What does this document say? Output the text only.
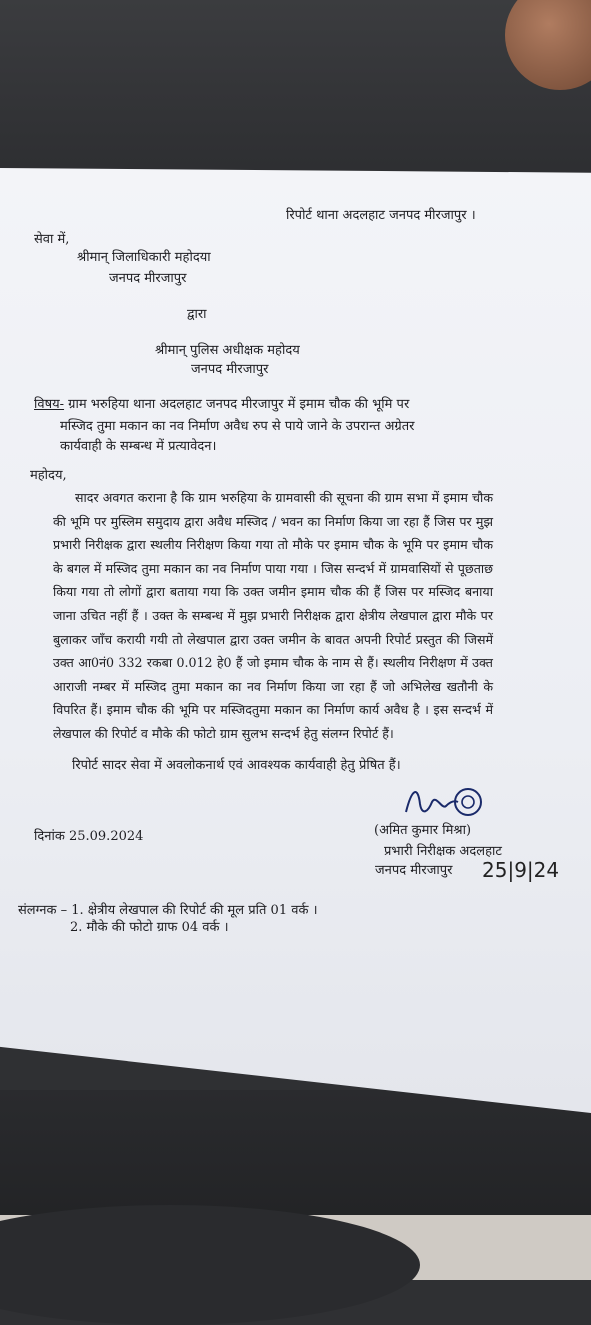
रिपोर्ट थाना अदलहाट जनपद मीरजापुर ।
सेवा में,
श्रीमान् जिलाधिकारी महोदया
जनपद मीरजापुर
द्वारा
श्रीमान् पुलिस अधीक्षक महोदय
जनपद मीरजापुर
विषय- ग्राम भरुहिया थाना अदलहाट जनपद मीरजापुर में इमाम चौक की भूमि पर
मस्जिद तुमा मकान का नव निर्माण अवैध रुप से पाये जाने के उपरान्त अग्रेतर
कार्यवाही के सम्बन्ध में प्रत्यावेदन।
महोदय,
सादर अवगत कराना है कि ग्राम भरुहिया के ग्रामवासी की सूचना की ग्राम सभा में इमाम चौक की भूमि पर मुस्लिम समुदाय द्वारा अवैध मस्जिद / भवन का निर्माण किया जा रहा हैं जिस पर मुझ प्रभारी निरीक्षक द्वारा स्थलीय निरीक्षण किया गया तो मौके पर इमाम चौक के भूमि पर इमाम चौक के बगल में मस्जिद तुमा मकान का नव निर्माण पाया गया । जिस सन्दर्भ में ग्रामवासियों से पूछताछ किया गया तो लोगों द्वारा बताया गया कि उक्त जमीन इमाम चौक की हैं जिस पर मस्जिद बनाया जाना उचित नहीं हैं । उक्त के सम्बन्ध में मुझ प्रभारी निरीक्षक द्वारा क्षेत्रीय लेखपाल द्वारा मौके पर बुलाकर जाँच करायी गयी तो लेखपाल द्वारा उक्त जमीन के बावत अपनी रिपोर्ट प्रस्तुत की जिसमें उक्त आ0नं0 332 रकबा 0.012 हे0 हैं जो इमाम चौक के नाम से हैं। स्थलीय निरीक्षण में उक्त आराजी नम्बर में मस्जिद तुमा मकान का नव निर्माण किया जा रहा हैं जो अभिलेख खतौनी के विपरित हैं। इमाम चौक की भूमि पर मस्जिदतुमा मकान का निर्माण कार्य अवैध है । इस सन्दर्भ में लेखपाल की रिपोर्ट व मौके की फोटो ग्राम सुलभ सन्दर्भ हेतु संलग्न रिपोर्ट हैं।
रिपोर्ट सादर सेवा में अवलोकनार्थ एवं आवश्यक कार्यवाही हेतु प्रेषित हैं।
(अमित कुमार मिश्रा)
दिनांक 25.09.2024
प्रभारी निरीक्षक अदलहाट
जनपद मीरजापुर 25|9|24
संलग्नक – 1. क्षेत्रीय लेखपाल की रिपोर्ट की मूल प्रति 01 वर्क ।
2. मौके की फोटो ग्राफ 04 वर्क ।
